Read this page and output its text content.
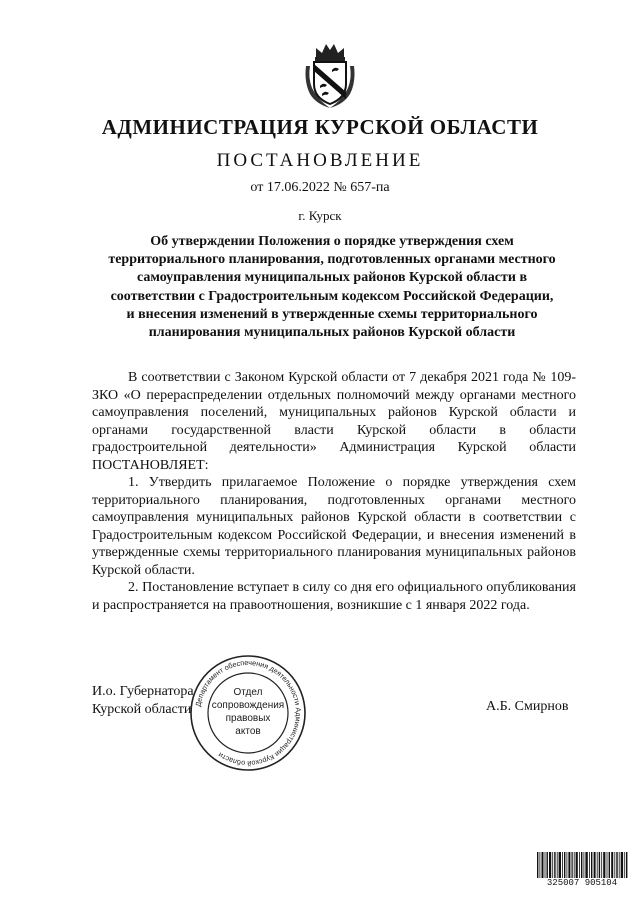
АДМИНИСТРАЦИЯ КУРСКОЙ ОБЛАСТИ
ПОСТАНОВЛЕНИЕ
от 17.06.2022 № 657-па
г. Курск
Об утверждении Положения о порядке утверждения схем
территориального планирования, подготовленных органами местного
самоуправления муниципальных районов Курской области в
соответствии с Градостроительным кодексом Российской Федерации,
и внесения изменений в утвержденные схемы территориального
планирования муниципальных районов Курской области

В соответствии с Законом Курской области от 7 декабря 2021 года № 109-ЗКО «О перераспределении отдельных полномочий между органами местного самоуправления поселений, муниципальных районов Курской области и органами государственной власти Курской области в области градостроительной деятельности» Администрация Курской области ПОСТАНОВЛЯЕТ:

1. Утвердить прилагаемое Положение о порядке утверждения схем территориального планирования, подготовленных органами местного самоуправления муниципальных районов Курской области в соответствии с Градостроительным кодексом Российской Федерации, и внесения изменений в утвержденные схемы территориального планирования муниципальных районов Курской области.

2. Постановление вступает в силу со дня его официального опубликования и распространяется на правоотношения, возникшие с 1 января 2022 года.

И.о. Губернатора
Курской области Департамент обеспечения деятельности Администрации Курской области
Отдел
сопровождения
правовых
актов
А.Б. Смирнов
325007 905104
